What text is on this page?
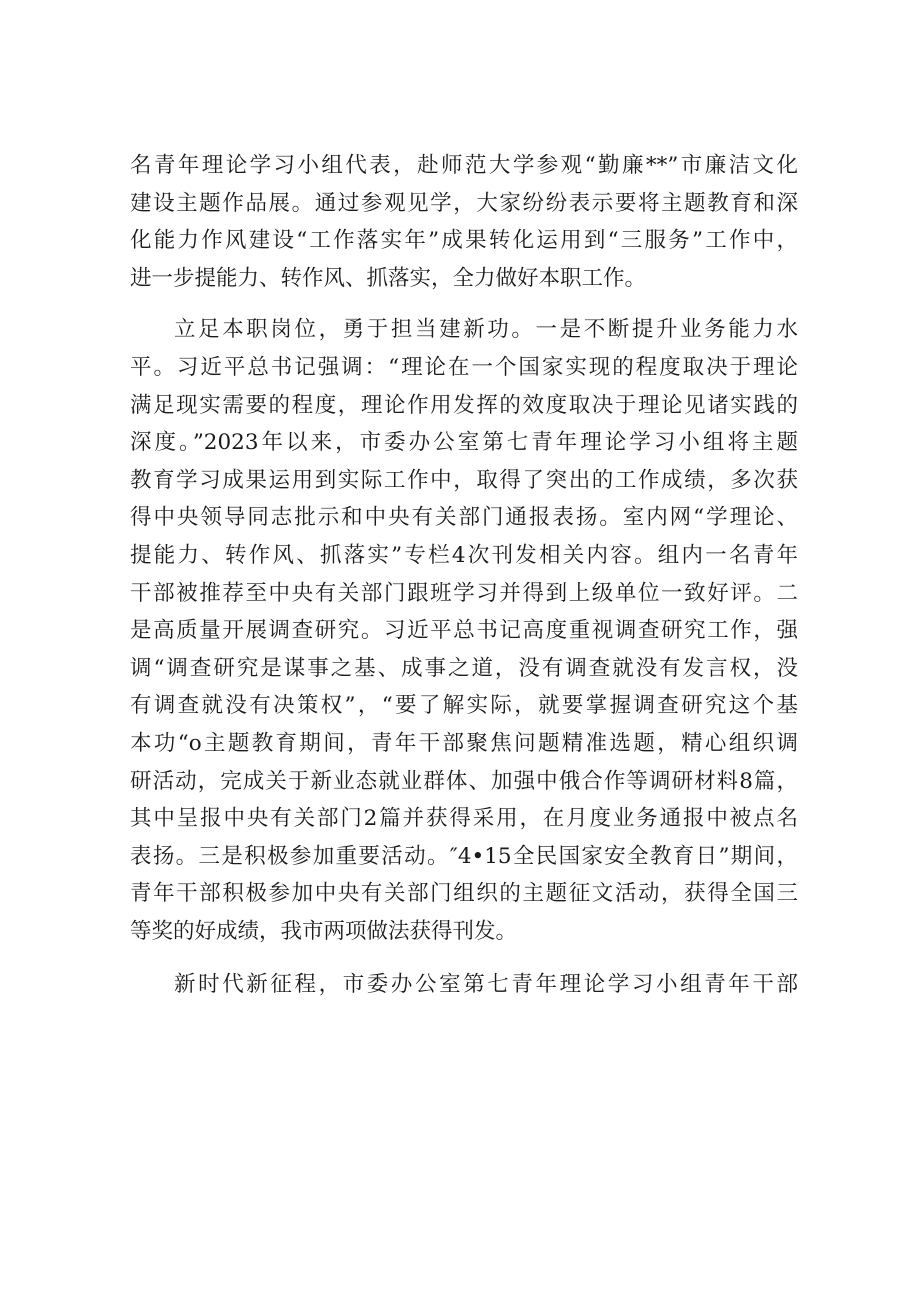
名青年理论学习小组代表，赴师范大学参观“勤廉**”市廉洁文化
建设主题作品展。通过参观见学，大家纷纷表示要将主题教育和深
化能力作风建设“工作落实年”成果转化运用到“三服务”工作中，
进一步提能力、转作风、抓落实，全力做好本职工作。
立足本职岗位，勇于担当建新功。一是不断提升业务能力水
平。习近平总书记强调：“理论在一个国家实现的程度取决于理论
满足现实需要的程度，理论作用发挥的效度取决于理论见诸实践的
深度。”2023年以来，市委办公室第七青年理论学习小组将主题
教育学习成果运用到实际工作中，取得了突出的工作成绩，多次获
得中央领导同志批示和中央有关部门通报表扬。室内网“学理论、
提能力、转作风、抓落实”专栏4次刊发相关内容。组内一名青年
干部被推荐至中央有关部门跟班学习并得到上级单位一致好评。二
是高质量开展调查研究。习近平总书记高度重视调查研究工作，强
调“调查研究是谋事之基、成事之道，没有调查就没有发言权，没
有调查就没有决策权”，“要了解实际，就要掌握调查研究这个基
本功“o主题教育期间，青年干部聚焦问题精准选题，精心组织调
研活动，完成关于新业态就业群体、加强中俄合作等调研材料8篇，
其中呈报中央有关部门2篇并获得采用，在月度业务通报中被点名
表扬。三是积极参加重要活动。″4•15全民国家安全教育日”期间，
青年干部积极参加中央有关部门组织的主题征文活动，获得全国三
等奖的好成绩，我市两项做法获得刊发。
新时代新征程，市委办公室第七青年理论学习小组青年干部
